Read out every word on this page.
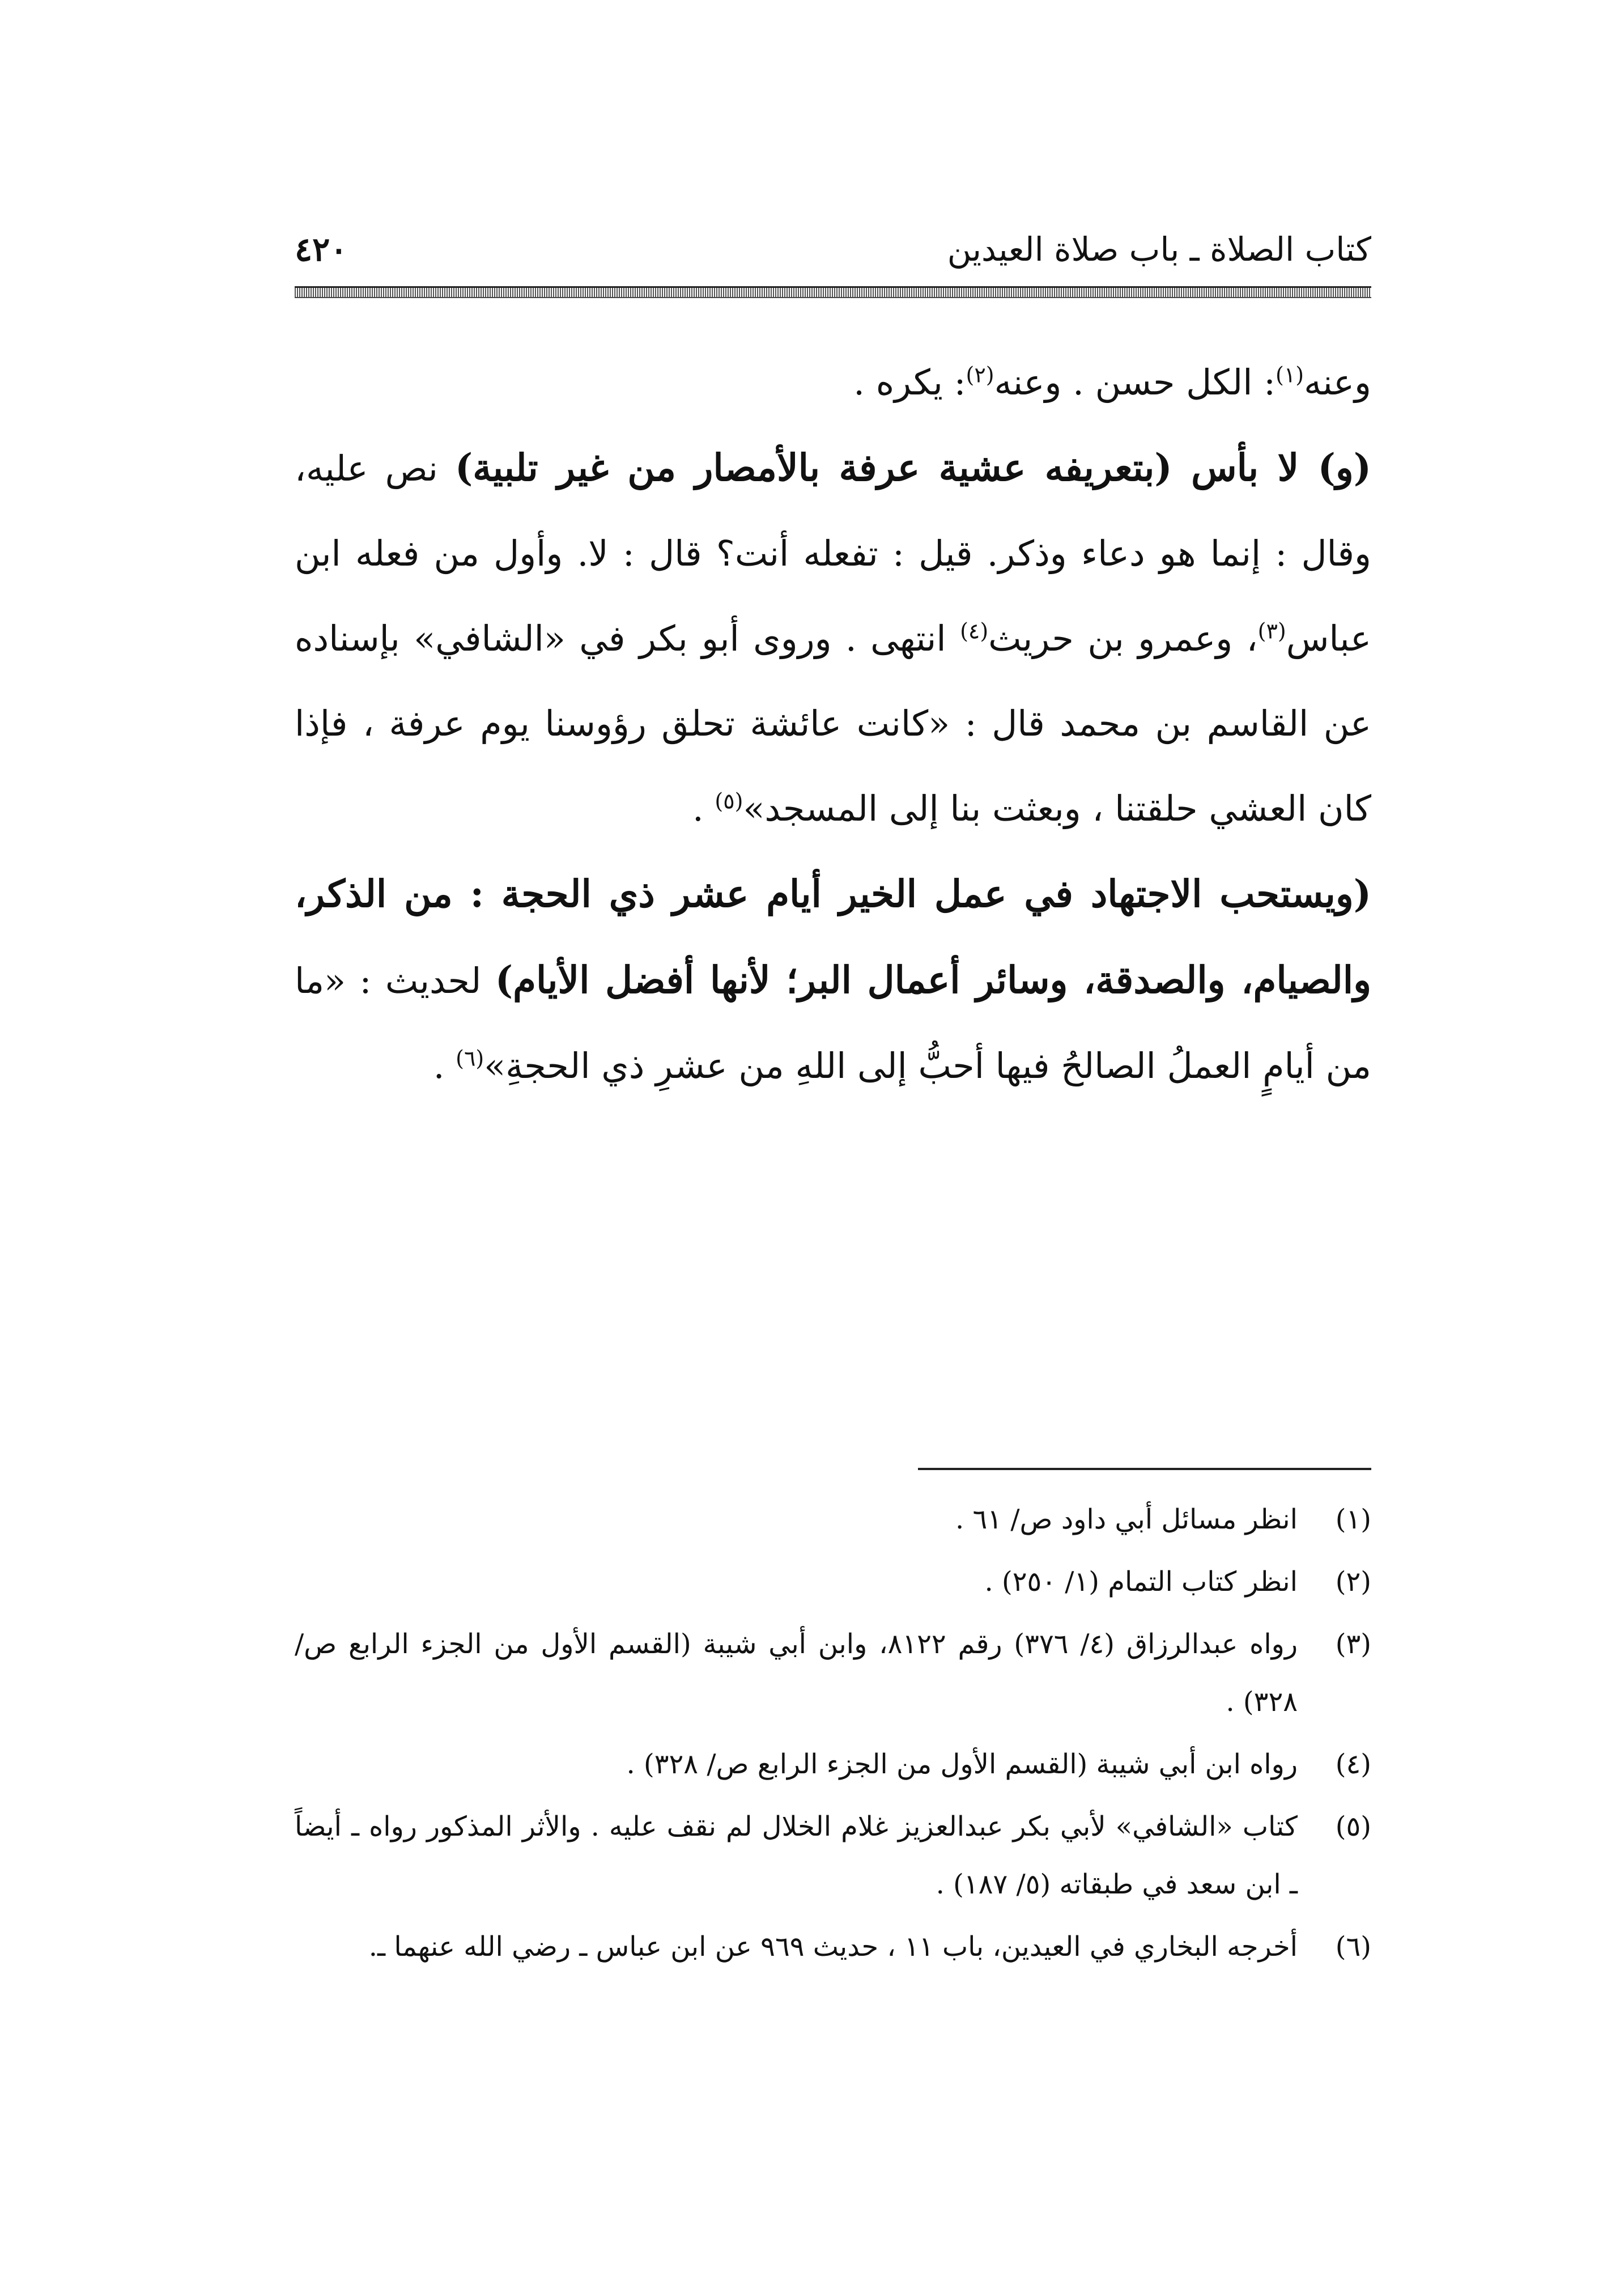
كتاب الصلاة ـ باب صلاة العيدين
٤٢٠

وعنه$^{(١)}$: الكل حسن . وعنه$^{(٢)}$: يكره .

(و) لا بأس (بتعريفه عشية عرفة بالأمصار من غير تلبية) نص عليه، وقال : إنما هو دعاء وذكر. قيل : تفعله أنت؟ قال : لا. وأول من فعله ابن عباس$^{(٣)}$، وعمرو بن حريث$^{(٤)}$ انتهى . وروى أبو بكر في «الشافي» بإسناده عن القاسم بن محمد قال : «كانت عائشة تحلق رؤوسنا يوم عرفة ، فإذا كان العشي حلقتنا ، وبعثت بنا إلى المسجد»$^{(٥)}$ .

(ويستحب الاجتهاد في عمل الخير أيام عشر ذي الحجة : من الذكر، والصيام، والصدقة، وسائر أعمال البر؛ لأنها أفضل الأيام) لحديث : «ما من أيامٍ العملُ الصالحُ فيها أحبُّ إلى اللهِ من عشرِ ذي الحجةِ»$^{(٦)}$ .

(١)
انظر مسائل أبي داود ص/ ٦١ .
(٢)
انظر كتاب التمام (١/ ٢٥٠) .
(٣)
رواه عبدالرزاق (٤/ ٣٧٦) رقم ٨١٢٢، وابن أبي شيبة (القسم الأول من الجزء الرابع ص/ ٣٢٨) .
(٤)
رواه ابن أبي شيبة (القسم الأول من الجزء الرابع ص/ ٣٢٨) .
(٥)
كتاب «الشافي» لأبي بكر عبدالعزيز غلام الخلال لم نقف عليه . والأثر المذكور رواه ـ أيضاً ـ ابن سعد في طبقاته (٥/ ١٨٧) .
(٦)
أخرجه البخاري في العيدين، باب ١١ ، حديث ٩٦٩ عن ابن عباس ـ رضي الله عنهما ـ.
